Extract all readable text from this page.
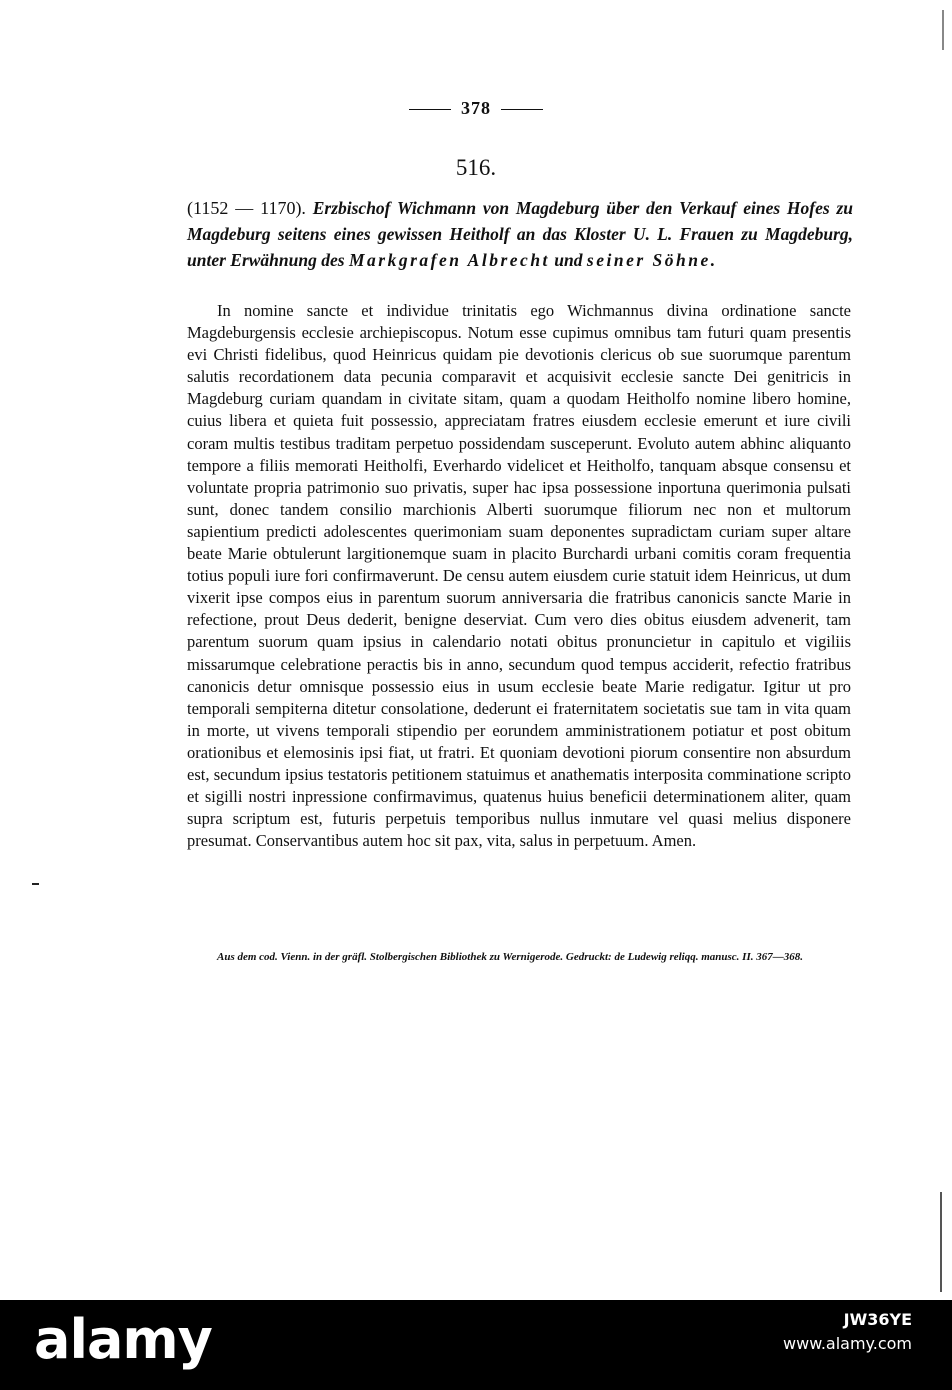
378
516.
(1152 — 1170). Erzbischof Wichmann von Magdeburg über den Verkauf eines Hofes zu Magdeburg seitens eines gewissen Heitholf an das Kloster U. L. Frauen zu Magdeburg, unter Erwähnung des Markgrafen Albrecht und seiner Söhne.

In nomine sancte et individue trinitatis ego Wichmannus divina ordinatione sancte Magdeburgensis ecclesie archiepiscopus. Notum esse cupimus omnibus tam futuri quam presentis evi Christi fidelibus, quod Heinricus quidam pie devotionis clericus ob sue suorumque parentum salutis recordationem data pecunia comparavit et acquisivit ecclesie sancte Dei genitricis in Magdeburg curiam quandam in civitate sitam, quam a quodam Heitholfo nomine libero homine, cuius libera et quieta fuit possessio, appreciatam fratres eiusdem ecclesie emerunt et iure civili coram multis testibus traditam perpetuo possidendam susceperunt. Evoluto autem abhinc aliquanto tempore a filiis memorati Heitholfi, Everhardo videlicet et Heitholfo, tanquam absque consensu et voluntate propria patrimonio suo privatis, super hac ipsa possessione inportuna querimonia pulsati sunt, donec tandem consilio marchionis Alberti suorumque filiorum nec non et multorum sapientium predicti adolescentes querimoniam suam deponentes supradictam curiam super altare beate Marie obtulerunt largitionemque suam in placito Burchardi urbani comitis coram frequentia totius populi iure fori confirmaverunt. De censu autem eiusdem curie statuit idem Heinricus, ut dum vixerit ipse compos eius in parentum suorum anniversaria die fratribus canonicis sancte Marie in refectione, prout Deus dederit, benigne deserviat. Cum vero dies obitus eiusdem advenerit, tam parentum suorum quam ipsius in calendario notati obitus pronuncietur in capitulo et vigiliis missarumque celebratione peractis bis in anno, secundum quod tempus acciderit, refectio fratribus canonicis detur omnisque possessio eius in usum ecclesie beate Marie redigatur. Igitur ut pro temporali sempiterna ditetur consolatione, dederunt ei fraternitatem societatis sue tam in vita quam in morte, ut vivens temporali stipendio per eorundem amministrationem potiatur et post obitum orationibus et elemosinis ipsi fiat, ut fratri. Et quoniam devotioni piorum consentire non absurdum est, secundum ipsius testatoris petitionem statuimus et anathematis interposita comminatione scripto et sigilli nostri inpressione confirmavimus, quatenus huius beneficii determinationem aliter, quam supra scriptum est, futuris perpetuis temporibus nullus inmutare vel quasi melius disponere presumat. Conservantibus autem hoc sit pax, vita, salus in perpetuum. Amen.

Aus dem cod. Vienn. in der gräfl. Stolbergischen Bibliothek zu Wernigerode. Gedruckt: de Ludewig reliqq. manusc. II. 367—368.
alamy	JW36YE
www.alamy.com
